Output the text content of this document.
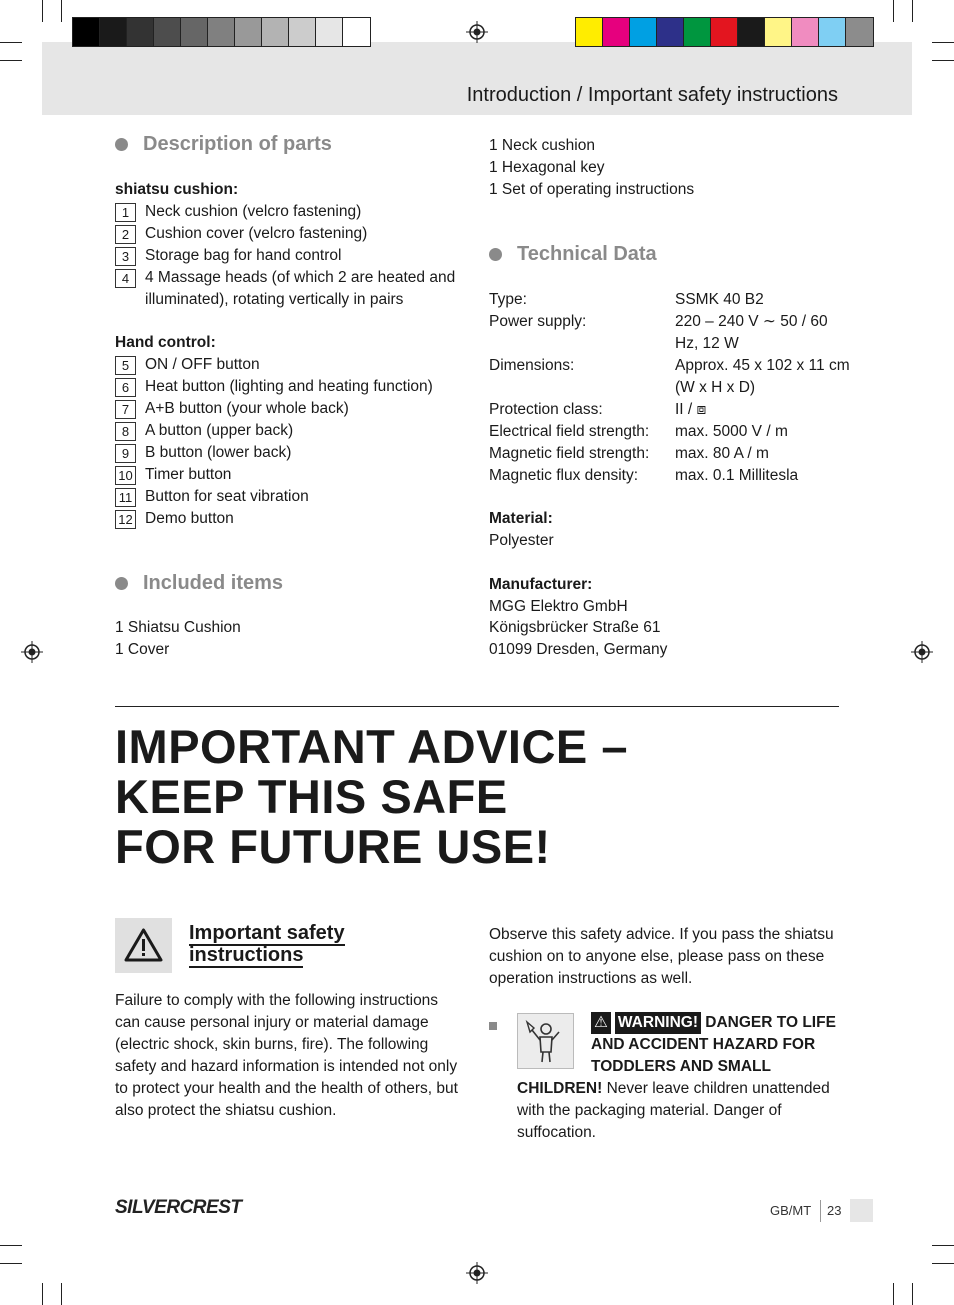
Introduction / Important safety instructions
Description of parts
shiatsu cushion:
1	Neck cushion (velcro fastening)
2	Cushion cover (velcro fastening)
3	Storage bag for hand control
4	4 Massage heads (of which 2 are heated and illuminated), rotating vertically in pairs
Hand control:
5	ON / OFF button
6	Heat button (lighting and heating function)
7	A+B button (your whole back)
8	A button (upper back)
9	B button (lower back)
10 Timer button
11 Button for seat vibration
12 Demo button
Included items
1 Shiatsu Cushion
1 Cover
1 Neck cushion
1 Hexagonal key
1 Set of operating instructions
Technical Data
Type:	SSMK 40 B2
Power supply:	220 – 240 V ∼ 50 / 60 Hz, 12 W
Dimensions:	Approx. 45 x 102 x 11 cm (W x H x D)
Protection class:	II / ⧈
Electrical field strength:	max. 5000 V / m
Magnetic field strength:	max. 80 A / m
Magnetic flux density:	max. 0.1 Millitesla
Material:
Polyester
Manufacturer:
MGG Elektro GmbH
Königsbrücker Straße 61
01099 Dresden, Germany
IMPORTANT ADVICE –
KEEP THIS SAFE
FOR FUTURE USE!
Important safety
instructions
Failure to comply with the following instructions can cause personal injury or material damage (electric shock, skin burns, fire). The following safety and hazard information is intended not only to protect your health and the health of others, but also protect the shiatsu cushion.
Observe this safety advice. If you pass the shiatsu cushion on to anyone else, please pass on these operation instructions as well.
⚠ WARNING! DANGER TO LIFE AND ACCIDENT HAZARD FOR TODDLERS AND SMALL
CHILDREN! Never leave children unattended with the packaging material. Danger of suffocation.
SILVERCREST	GB/MT 23
